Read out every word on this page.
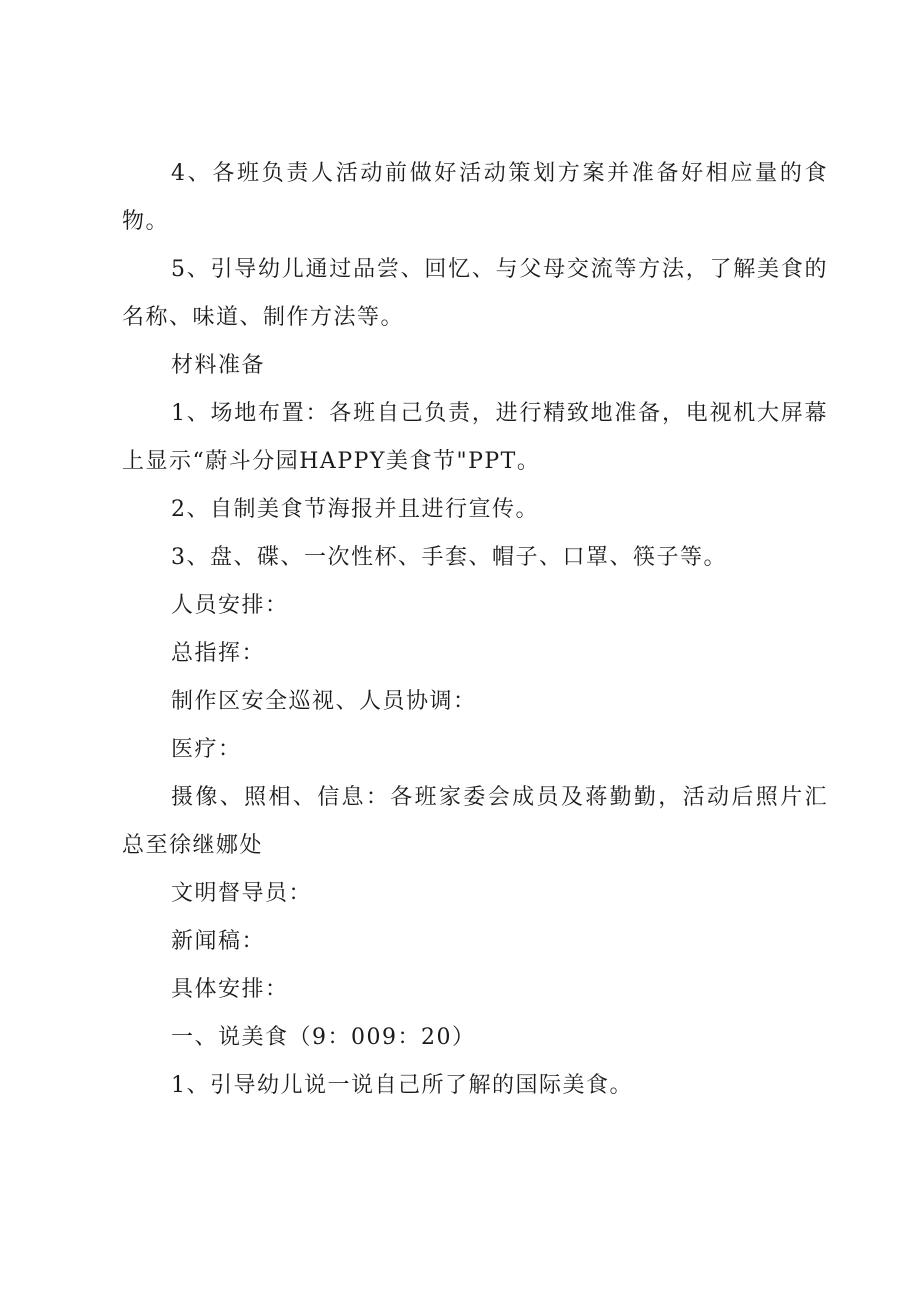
4、各班负责人活动前做好活动策划方案并准备好相应量的食物。

5、引导幼儿通过品尝、回忆、与父母交流等方法，了解美食的名称、味道、制作方法等。

材料准备

1、场地布置：各班自己负责，进行精致地准备，电视机大屏幕上显示“蔚斗分园HAPPY美食节"PPT。

2、自制美食节海报并且进行宣传。

3、盘、碟、一次性杯、手套、帽子、口罩、筷子等。

人员安排：

总指挥：

制作区安全巡视、人员协调：

医疗：

摄像、照相、信息：各班家委会成员及蒋勤勤，活动后照片汇总至徐继娜处

文明督导员：

新闻稿：

具体安排：

一、说美食（9：009：20）

1、引导幼儿说一说自己所了解的国际美食。
